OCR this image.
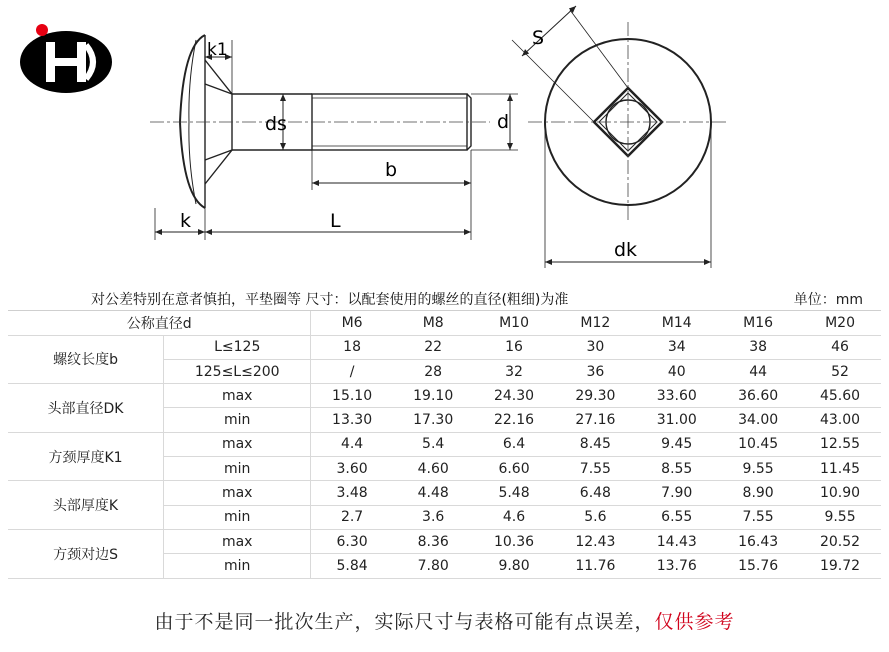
k1
ds	d
b
k	L
S
dk
对公差特别在意者慎拍，平垫圈等 尺寸：以配套使用的螺丝的直径(粗细)为准							单位：mm	
公称直径d		M6	M8	M10	M12	M14	M16	M20
螺纹长度b	L≤125	18	22	16	30	34	38	46
	125≤L≤200	/	28	32	36	40	44	52
头部直径DK	max	15.10	19.10	24.30	29.30	33.60	36.60	45.60
	min	13.30	17.30	22.16	27.16	31.00	34.00	43.00
方颈厚度K1	max	4.4	5.4	6.4	8.45	9.45	10.45	12.55
	min	3.60	4.60	6.60	7.55	8.55	9.55	11.45
头部厚度K	max	3.48	4.48	5.48	6.48	7.90	8.90	10.90
	min	2.7	3.6	4.6	5.6	6.55	7.55	9.55
方颈对边S	max	6.30	8.36	10.36	12.43	14.43	16.43	20.52
	min	5.84	7.80	9.80	11.76	13.76	15.76	19.72
由于不是同一批次生产，实际尺寸与表格可能有点误差，仅供参考
